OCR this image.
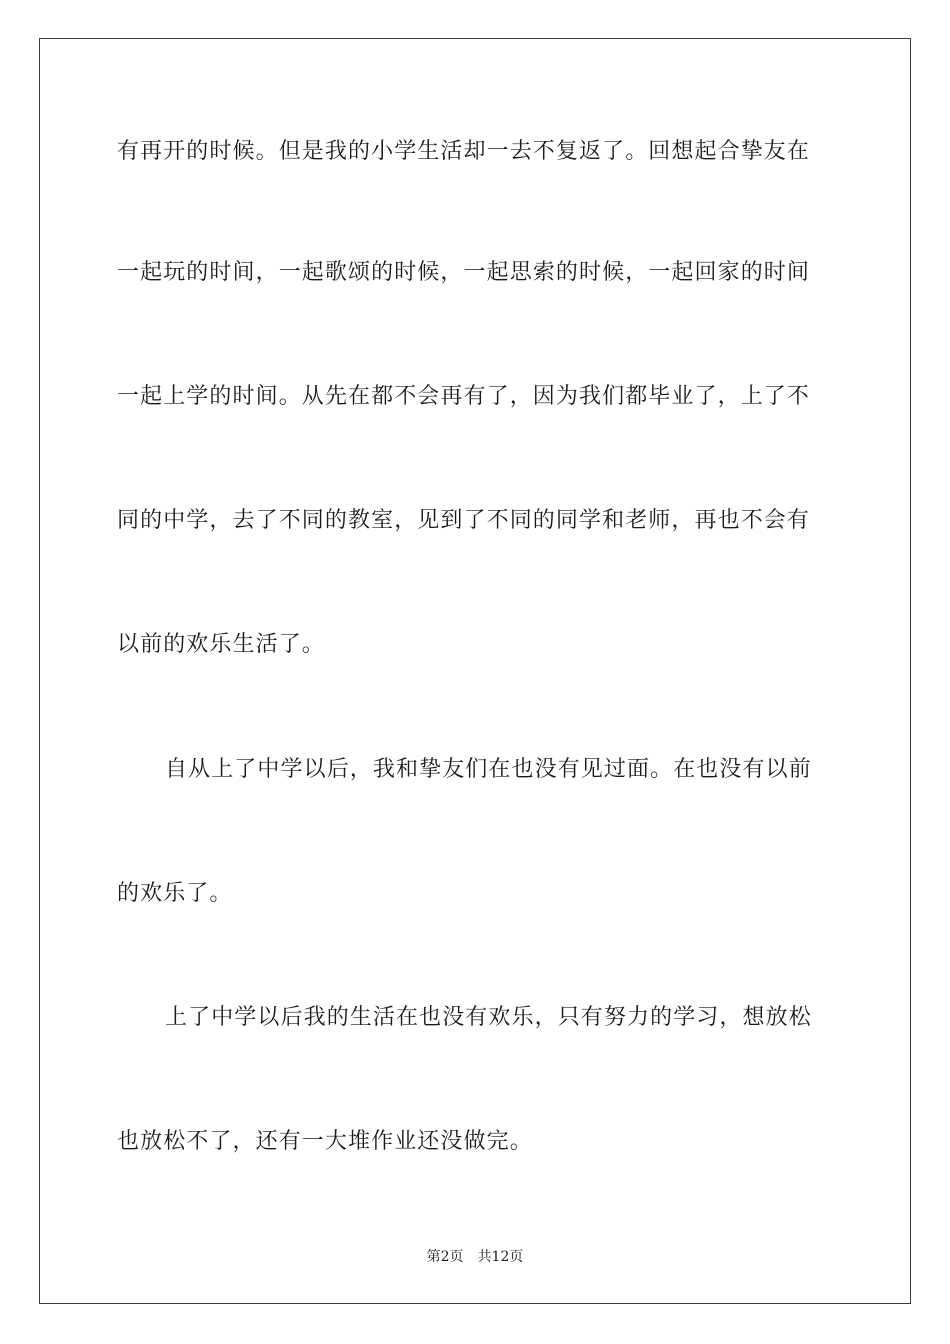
有再开的时候。但是我的小学生活却一去不复返了。回想起合挚友在
一起玩的时间，一起歌颂的时候，一起思索的时候，一起回家的时间
一起上学的时间。从先在都不会再有了，因为我们都毕业了，上了不
同的中学，去了不同的教室，见到了不同的同学和老师，再也不会有
以前的欢乐生活了。
自从上了中学以后，我和挚友们在也没有见过面。在也没有以前
的欢乐了。
上了中学以后我的生活在也没有欢乐，只有努力的学习，想放松
也放松不了，还有一大堆作业还没做完。
第2页 共12页
